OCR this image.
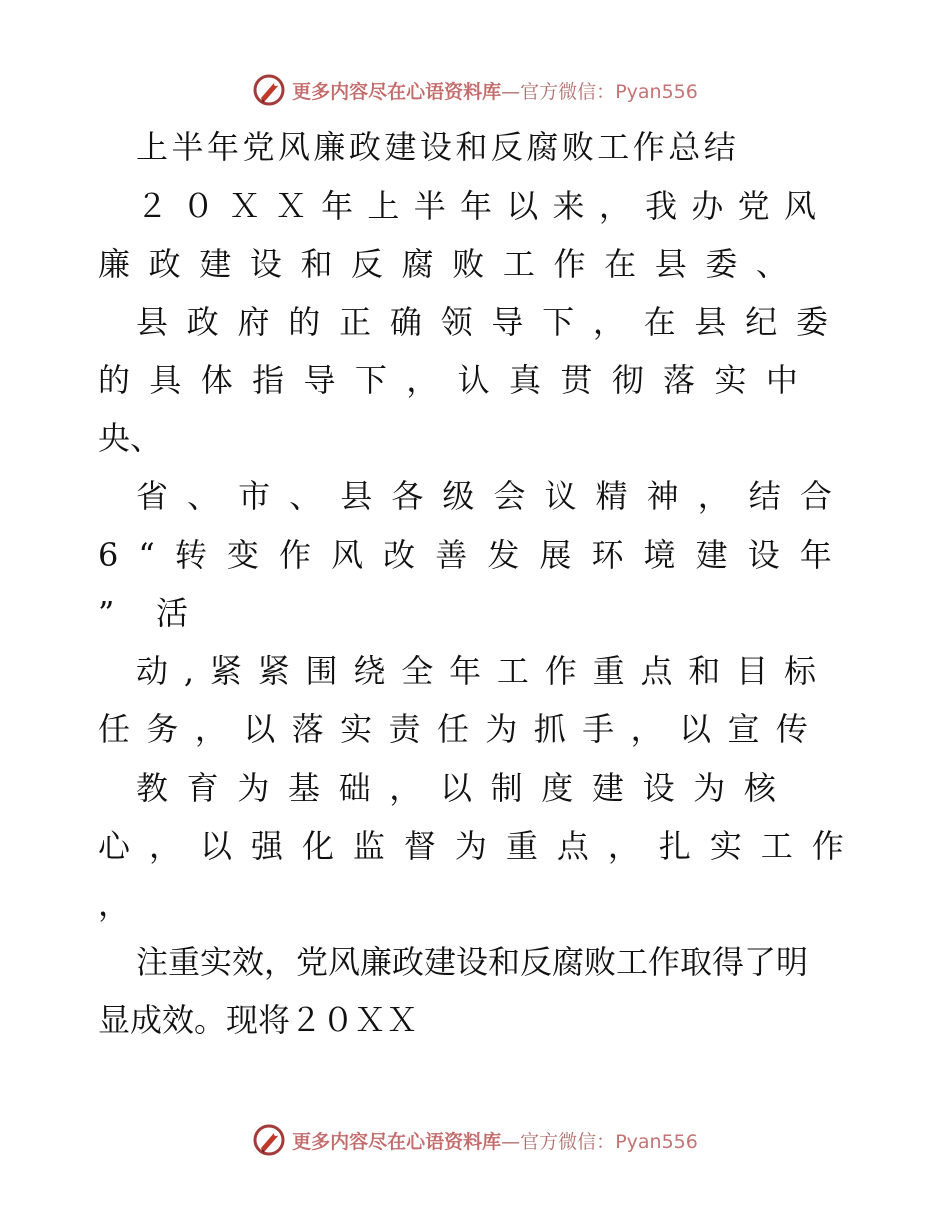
更多内容尽在心语资料库—官方微信：Pyan556
上 半 年 党 风 廉 政 建 设 和 反 腐 败 工 作 总 结
２ ０ Ｘ Ｘ 年 上 半 年 以 来 ， 我 办 党 风
廉 政 建 设 和 反 腐 败 工 作 在 县 委 、
县 政 府 的 正 确 领 导 下 ， 在 县 纪 委
的 具 体 指 导 下 ， 认 真 贯 彻 落 实 中
央 、
省 、 市 、 县 各 级 会 议 精 神 ， 结 合
6 “ 转 变 作 风 改 善 发 展 环 境 建 设 年
” 活
动 , 紧 紧 围 绕 全 年 工 作 重 点 和 目 标
任 务 ， 以 落 实 责 任 为 抓 手 ， 以 宣 传
教 育 为 基 础 ， 以 制 度 建 设 为 核
心 ， 以 强 化 监 督 为 重 点 ， 扎 实 工 作
，
注重实效，党风廉政建设和反腐败工作取得了明
显成效。现将２０ＸＸ
更多内容尽在心语资料库—官方微信：Pyan556
